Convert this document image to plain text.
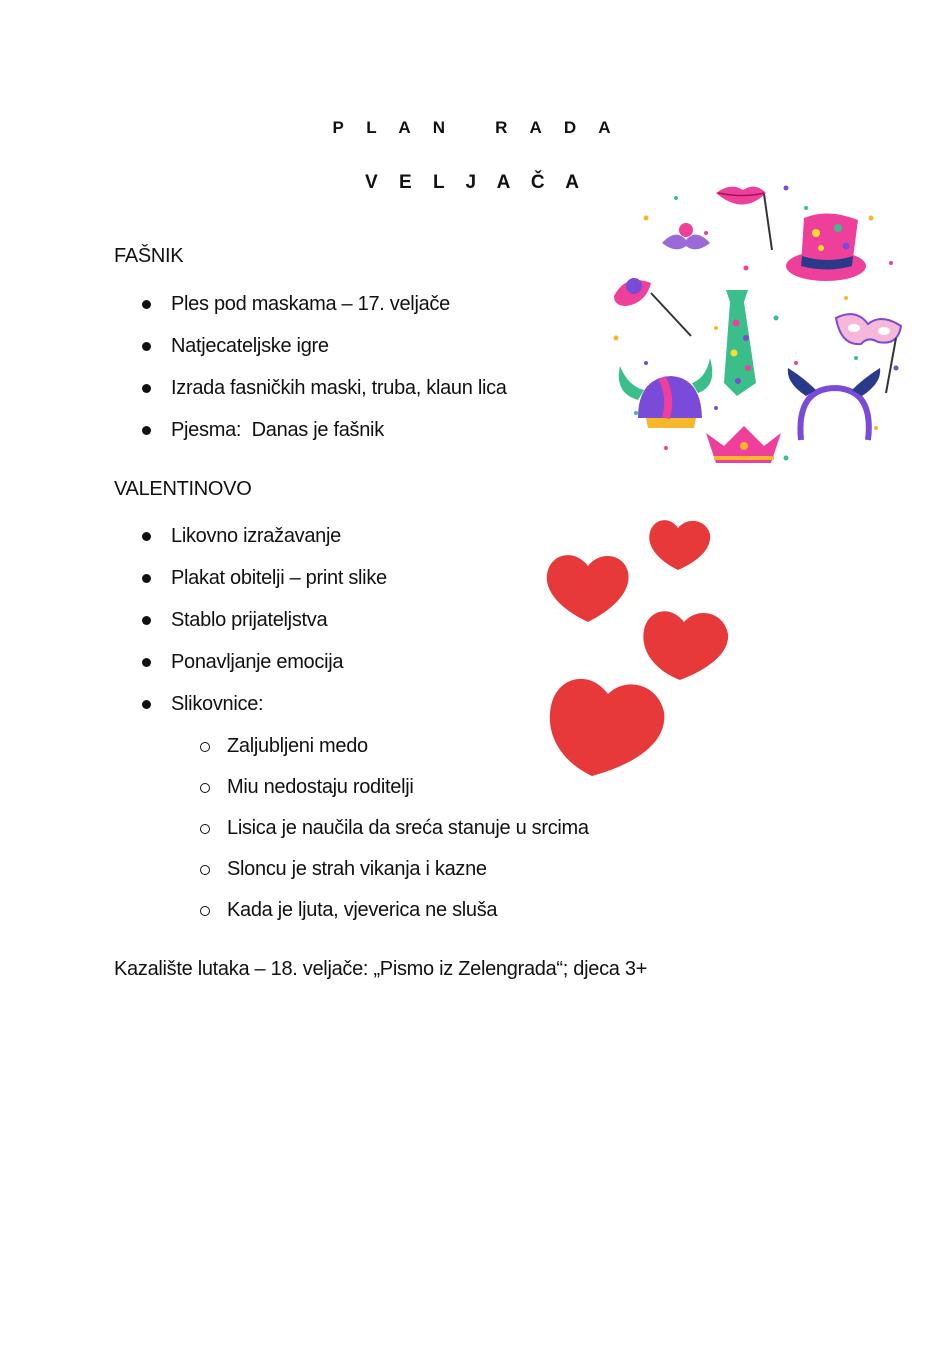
P L A N   R A D A
V E L J A Č A
FAŠNIK
Ples pod maskama – 17. veljače
Natjecateljske igre
Izrada fasničkih maski, truba, klaun lica
Pjesma:  Danas je fašnik
VALENTINOVO
Likovno izražavanje
Plakat obitelji – print slike
Stablo prijateljstva
Ponavljanje emocija
Slikovnice:
Zaljubljeni medo
Miu nedostaju roditelji
Lisica je naučila da sreća stanuje u srcima
Sloncu je strah vikanja i kazne
Kada je ljuta, vjeverica ne sluša
Kazalište lutaka – 18. veljače: „Pismo iz Zelengrada“; djeca 3+
